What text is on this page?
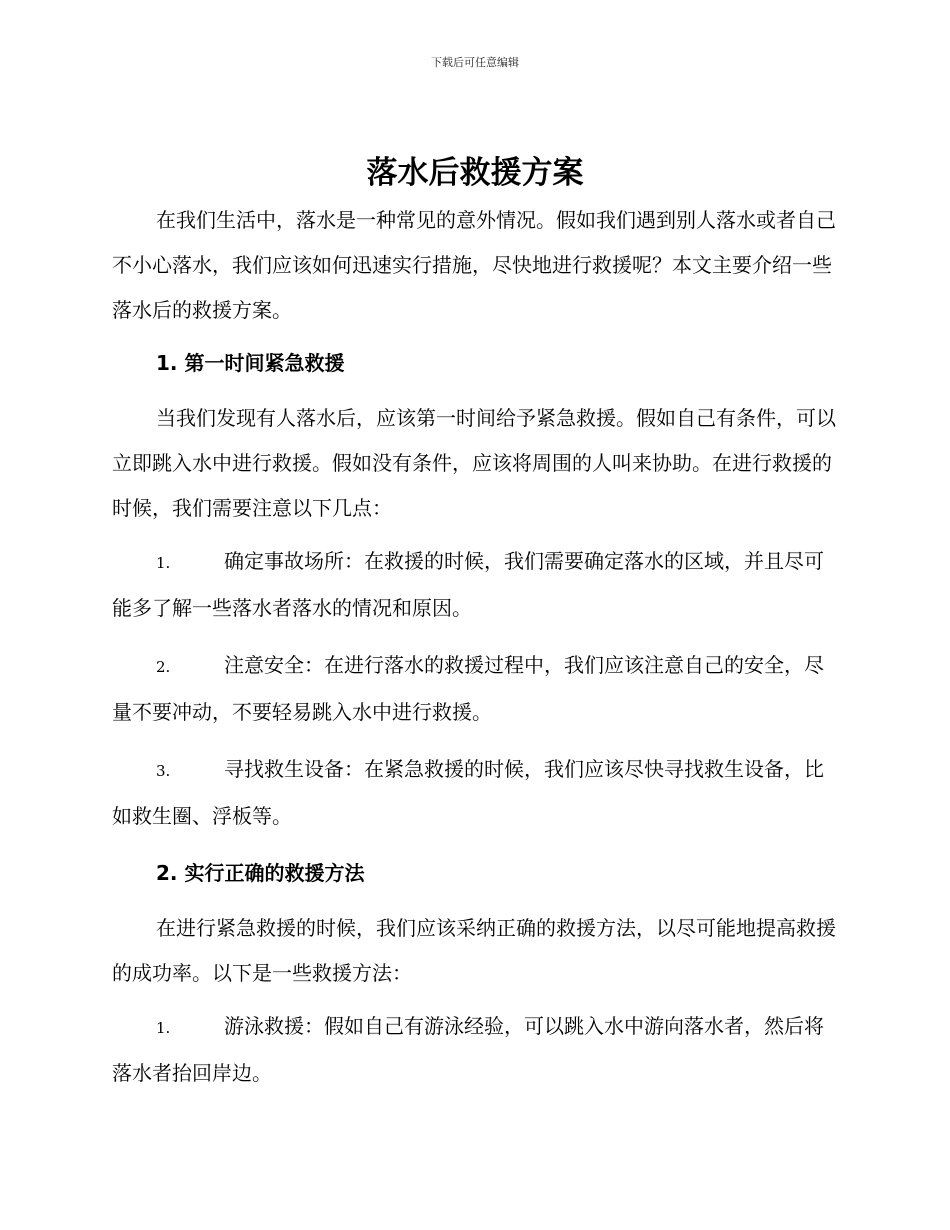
下载后可任意编辑
落水后救援方案

在我们生活中，落水是一种常见的意外情况。假如我们遇到别人落水或者自己不小心落水，我们应该如何迅速实行措施，尽快地进行救援呢？本文主要介绍一些落水后的救援方案。

1. 第一时间紧急救援

当我们发现有人落水后，应该第一时间给予紧急救援。假如自己有条件，可以立即跳入水中进行救援。假如没有条件，应该将周围的人叫来协助。在进行救援的时候，我们需要注意以下几点：

1.	确定事故场所：在救援的时候，我们需要确定落水的区域，并且尽可能多了解一些落水者落水的情况和原因。

2.	注意安全：在进行落水的救援过程中，我们应该注意自己的安全，尽量不要冲动，不要轻易跳入水中进行救援。

3.	寻找救生设备：在紧急救援的时候，我们应该尽快寻找救生设备，比如救生圈、浮板等。

2. 实行正确的救援方法

在进行紧急救援的时候，我们应该采纳正确的救援方法，以尽可能地提高救援的成功率。以下是一些救援方法：

1.	游泳救援：假如自己有游泳经验，可以跳入水中游向落水者，然后将落水者抬回岸边。
